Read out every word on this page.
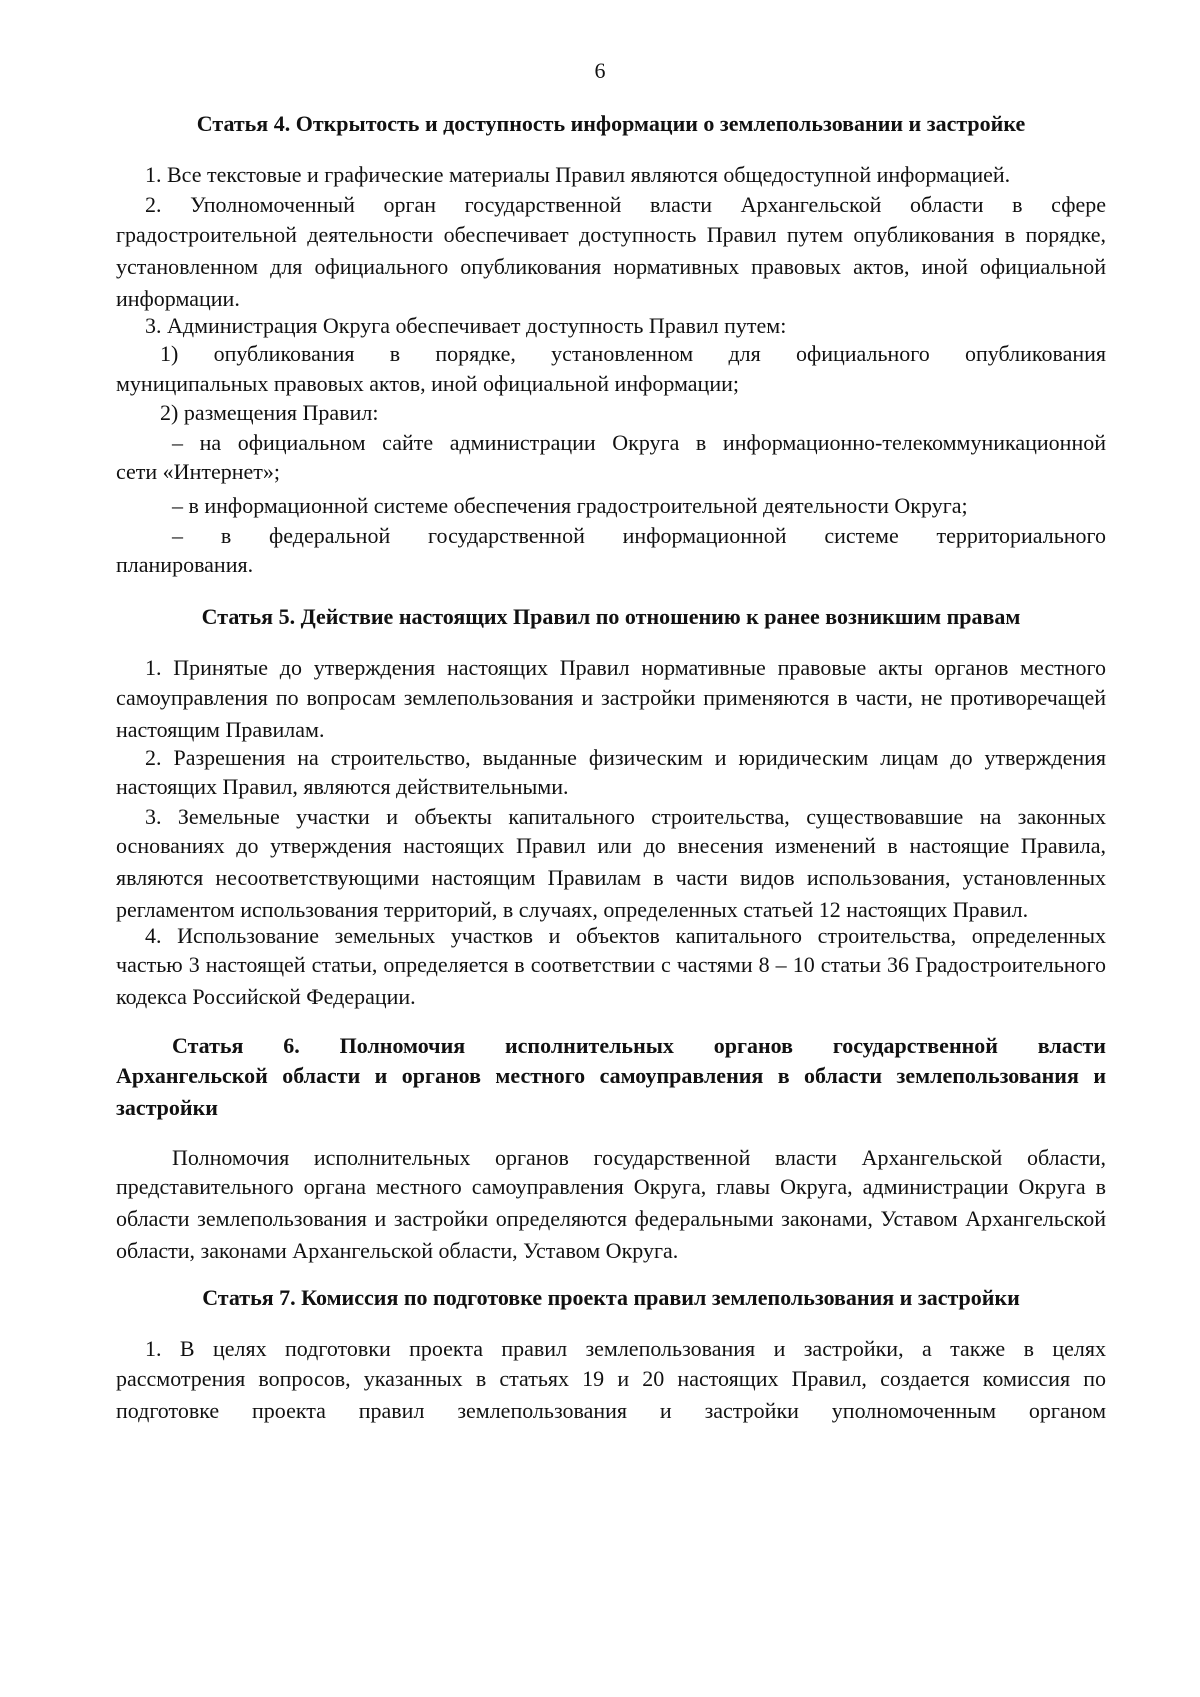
6
Статья 4. Открытость и доступность информации о землепользовании и застройке
1. Все текстовые и графические материалы Правил являются общедоступной информацией.
2. Уполномоченный орган государственной власти Архангельской области в сфере
градостроительной деятельности обеспечивает доступность Правил путем опубликования в порядке, установленном для официального опубликования нормативных правовых актов, иной официальной информации.
3. Администрация Округа обеспечивает доступность Правил путем:
1) опубликования в порядке, установленном для официального опубликования
муниципальных правовых актов, иной официальной информации;
2) размещения Правил:
– на официальном сайте администрации Округа в информационно-телекоммуникационной
сети «Интернет»;
– в информационной системе обеспечения градостроительной деятельности Округа;
– в федеральной государственной информационной системе территориального
планирования.
Статья 5. Действие настоящих Правил по отношению к ранее возникшим правам
1. Принятые до утверждения настоящих Правил нормативные правовые акты органов местного
самоуправления по вопросам землепользования и застройки применяются в части, не противоречащей настоящим Правилам.
2. Разрешения на строительство, выданные физическим и юридическим лицам до утверждения
настоящих Правил, являются действительными.
3. Земельные участки и объекты капитального строительства, существовавшие на законных
основаниях до утверждения настоящих Правил или до внесения изменений в настоящие Правила, являются несоответствующими настоящим Правилам в части видов использования, установленных регламентом использования территорий, в случаях, определенных статьей 12 настоящих Правил.
4. Использование земельных участков и объектов капитального строительства, определенных
частью 3 настоящей статьи, определяется в соответствии с частями 8 – 10 статьи 36 Градостроительного кодекса Российской Федерации.
Статья 6. Полномочия исполнительных органов государственной власти
Архангельской области и органов местного самоуправления в области землепользования и застройки
Полномочия исполнительных органов государственной власти Архангельской области,
представительного органа местного самоуправления Округа, главы Округа, администрации Округа в области землепользования и застройки определяются федеральными законами, Уставом Архангельской области, законами Архангельской области, Уставом Округа.
Статья 7. Комиссия по подготовке проекта правил землепользования и застройки
1. В целях подготовки проекта правил землепользования и застройки, а также в целях
рассмотрения вопросов, указанных в статьях 19 и 20 настоящих Правил, создается комиссия по подготовке проекта правил землепользования и застройки уполномоченным органом
